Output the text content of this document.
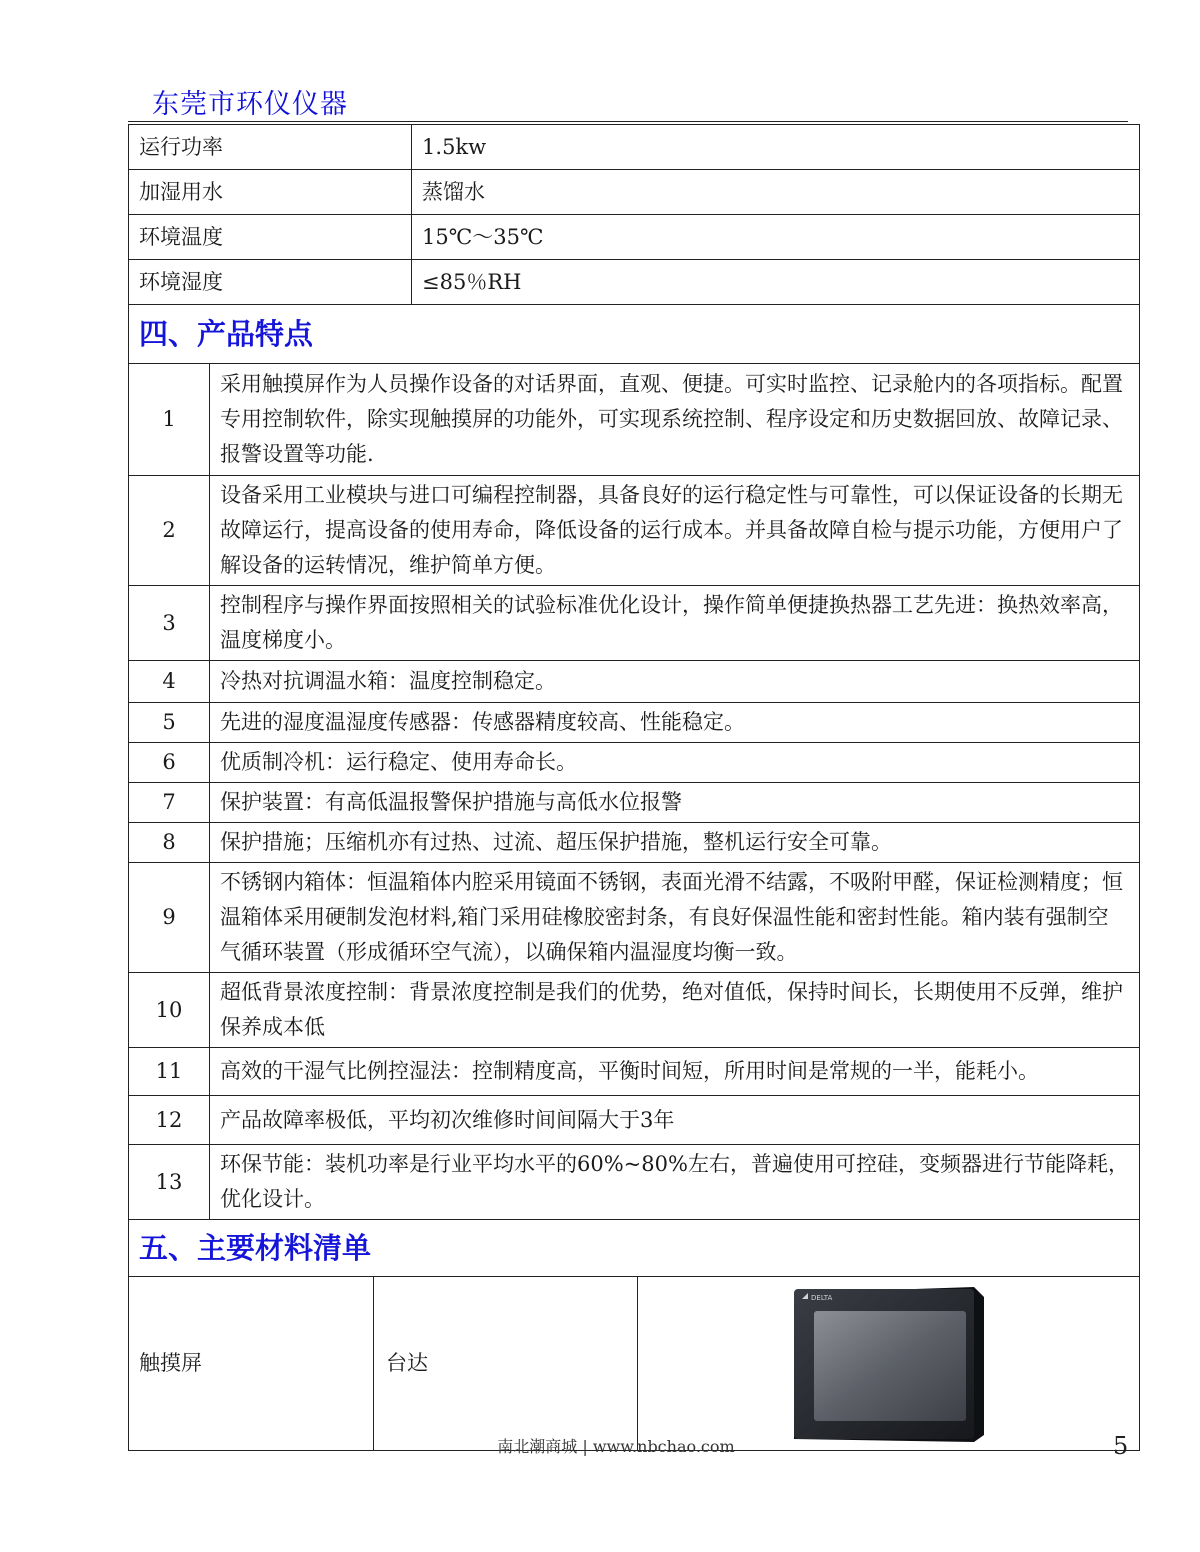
东莞市环仪仪器
运行功率			1.5kw	
加湿用水			蒸馏水	
环境温度			15℃～35℃	
环境湿度			≤85％RH	
四、产品特点				
1	采用触摸屏作为人员操作设备的对话界面，直观、便捷。可实时监控、记录舱内的各项指标。配置专用控制软件，除实现触摸屏的功能外，可实现系统控制、程序设定和历史数据回放、故障记录、报警设置等功能.			
2	设备采用工业模块与进口可编程控制器，具备良好的运行稳定性与可靠性，可以保证设备的长期无故障运行，提高设备的使用寿命，降低设备的运行成本。并具备故障自检与提示功能，方便用户了解设备的运转情况，维护简单方便。			
3	控制程序与操作界面按照相关的试验标准优化设计，操作简单便捷换热器工艺先进：换热效率高，温度梯度小。			
4	冷热对抗调温水箱：温度控制稳定。			
5	先进的湿度温湿度传感器：传感器精度较高、性能稳定。			
6	优质制冷机：运行稳定、使用寿命长。			
7	保护装置：有高低温报警保护措施与高低水位报警			
8	保护措施；压缩机亦有过热、过流、超压保护措施，整机运行安全可靠。			
9	不锈钢内箱体：恒温箱体内腔采用镜面不锈钢，表面光滑不结露，不吸附甲醛，保证检测精度；恒温箱体采用硬制发泡材料,箱门采用硅橡胶密封条，有良好保温性能和密封性能。箱内装有强制空气循环装置（形成循环空气流），以确保箱内温湿度均衡一致。			
10	超低背景浓度控制：背景浓度控制是我们的优势，绝对值低，保持时间长，长期使用不反弹，维护保养成本低			
11	高效的干湿气比例控湿法：控制精度高，平衡时间短，所用时间是常规的一半，能耗小。			
12	产品故障率极低，平均初次维修时间间隔大于3年			
13	环保节能：装机功率是行业平均水平的60%~80%左右，普遍使用可控硅，变频器进行节能降耗，优化设计。			
五、主要材料清单				
触摸屏		台达		DELTA
南北潮商城 | www.nbchao.com	5
